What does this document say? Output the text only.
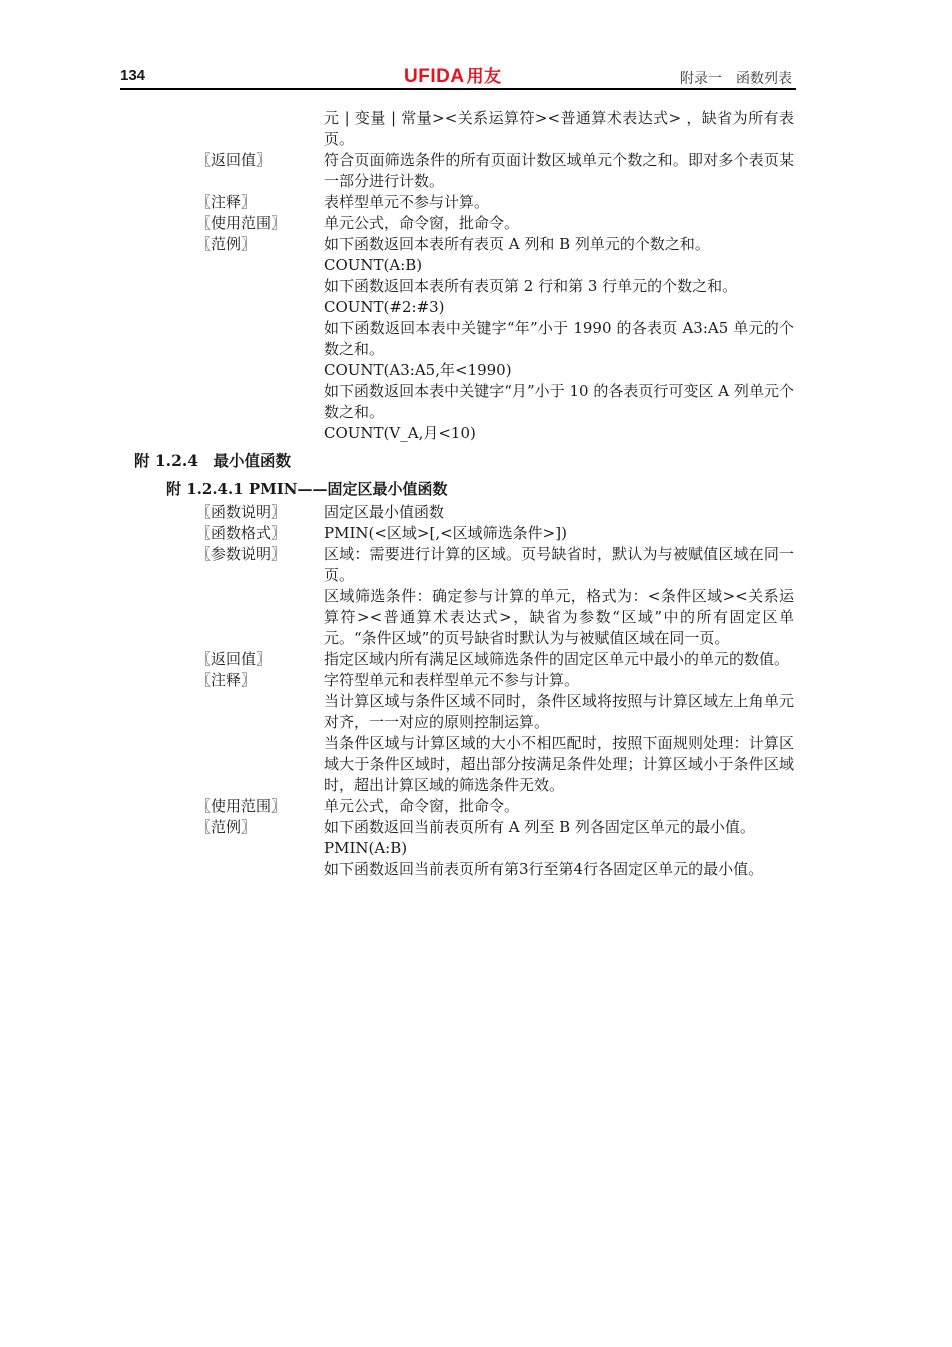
134	UFIDA 用友	附录一　函数列表

元 | 变量 | 常量><关系运算符><普通算术表达式> ，缺省为所有表页。

〖返回值〗	符合页面筛选条件的所有页面计数区域单元个数之和。即对多个表页某一部分进行计数。

〖注释〗	表样型单元不参与计算。

〖使用范围〗	单元公式，命令窗，批命令。

〖范例〗	如下函数返回本表所有表页 A 列和 B 列单元的个数之和。

COUNT(A:B)

如下函数返回本表所有表页第 2 行和第 3 行单元的个数之和。

COUNT(#2:#3)

如下函数返回本表中关键字“年”小于 1990 的各表页 A3:A5 单元的个数之和。

COUNT(A3:A5,年<1990)

如下函数返回本表中关键字“月”小于 10 的各表页行可变区 A 列单元个数之和。

COUNT(V_A,月<10)

附 1.2.4　最小值函数
附 1.2.4.1 PMIN——固定区最小值函数
〖函数说明〗	固定区最小值函数

〖函数格式〗	PMIN(<区域>[,<区域筛选条件>])

〖参数说明〗	区域：需要进行计算的区域。页号缺省时，默认为与被赋值区域在同一页。

区域筛选条件：确定参与计算的单元，格式为：<条件区域><关系运算符><普通算术表达式>，缺省为参数“区域”中的所有固定区单元。“条件区域”的页号缺省时默认为与被赋值区域在同一页。

〖返回值〗	指定区域内所有满足区域筛选条件的固定区单元中最小的单元的数值。

〖注释〗	字符型单元和表样型单元不参与计算。

当计算区域与条件区域不同时，条件区域将按照与计算区域左上角单元对齐，一一对应的原则控制运算。

当条件区域与计算区域的大小不相匹配时，按照下面规则处理：计算区域大于条件区域时，超出部分按满足条件处理；计算区域小于条件区域时，超出计算区域的筛选条件无效。

〖使用范围〗	单元公式，命令窗，批命令。

〖范例〗	如下函数返回当前表页所有 A 列至 B 列各固定区单元的最小值。

PMIN(A:B)

如下函数返回当前表页所有第3行至第4行各固定区单元的最小值。
